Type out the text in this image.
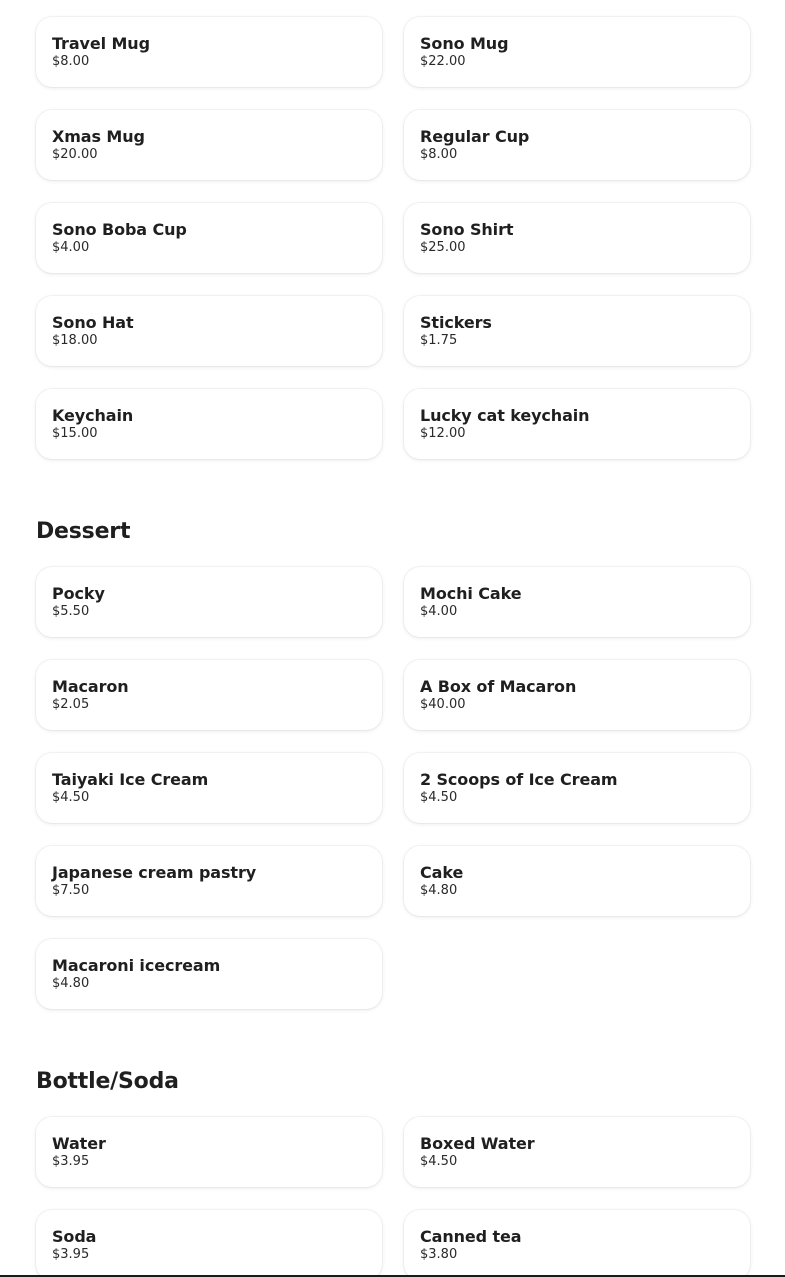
Travel Mug
$8.00
Sono Mug
$22.00
Xmas Mug
$20.00
Regular Cup
$8.00
Sono Boba Cup
$4.00
Sono Shirt
$25.00
Sono Hat
$18.00
Stickers
$1.75
Keychain
$15.00
Lucky cat keychain
$12.00
Dessert
Pocky
$5.50
Mochi Cake
$4.00
Macaron
$2.05
A Box of Macaron
$40.00
Taiyaki Ice Cream
$4.50
2 Scoops of Ice Cream
$4.50
Japanese cream pastry
$7.50
Cake
$4.80
Macaroni icecream
$4.80
Bottle/Soda
Water
$3.95
Boxed Water
$4.50
Soda
$3.95
Canned tea
$3.80
